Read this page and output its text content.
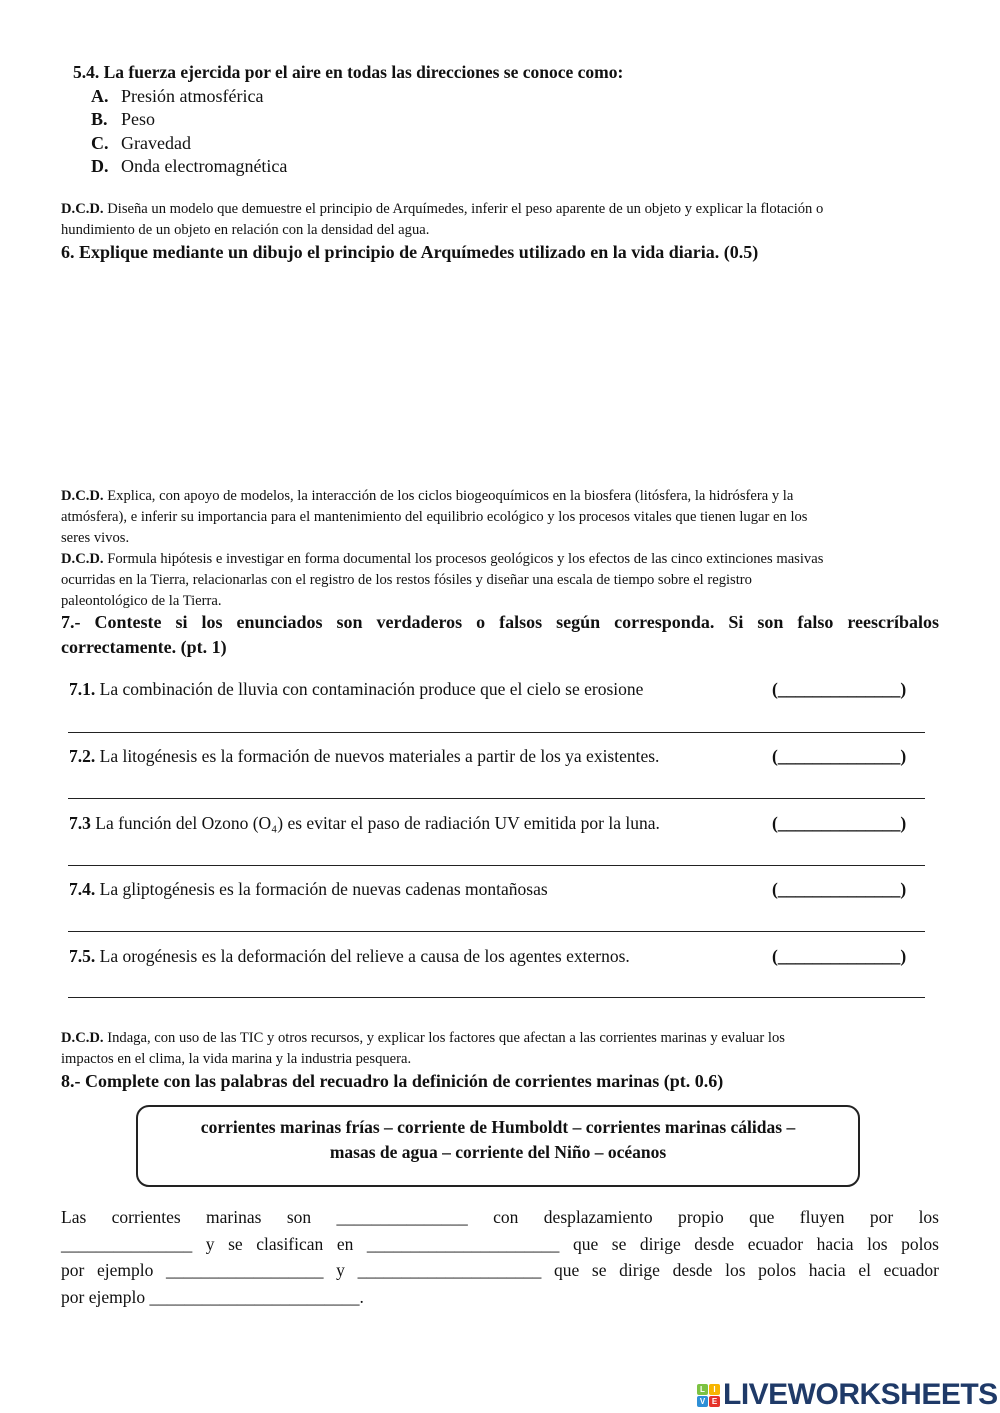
5.4. La fuerza ejercida por el aire en todas las direcciones se conoce como:
A. Presión atmosférica
B. Peso
C. Gravedad
D. Onda electromagnética
D.C.D. Diseña un modelo que demuestre el principio de Arquímedes, inferir el peso aparente de un objeto y explicar la flotación o
hundimiento de un objeto en relación con la densidad del agua.
6. Explique mediante un dibujo el principio de Arquímedes utilizado en la vida diaria. (0.5)
D.C.D. Explica, con apoyo de modelos, la interacción de los ciclos biogeoquímicos en la biosfera (litósfera, la hidrósfera y la
atmósfera), e inferir su importancia para el mantenimiento del equilibrio ecológico y los procesos vitales que tienen lugar en los
seres vivos.
D.C.D. Formula hipótesis e investigar en forma documental los procesos geológicos y los efectos de las cinco extinciones masivas
ocurridas en la Tierra, relacionarlas con el registro de los restos fósiles y diseñar una escala de tiempo sobre el registro
paleontológico de la Tierra.
7.- Conteste si los enunciados son verdaderos o falsos según corresponda. Si son falso reescríbalos
correctamente. (pt. 1)
7.1. La combinación de lluvia con contaminación produce que el cielo se erosione	(______________)
7.2. La litogénesis es la formación de nuevos materiales a partir de los ya existentes.	(______________)
7.3 La función del Ozono (O₄) es evitar el paso de radiación UV emitida por la luna.	(______________)
7.4. La gliptogénesis es la formación de nuevas cadenas montañosas	(______________)
7.5. La orogénesis es la deformación del relieve a causa de los agentes externos.	(______________)
D.C.D. Indaga, con uso de las TIC y otros recursos, y explicar los factores que afectan a las corrientes marinas y evaluar los
impactos en el clima, la vida marina y la industria pesquera.
8.- Complete con las palabras del recuadro la definición de corrientes marinas (pt. 0.6)
corrientes marinas frías – corriente de Humboldt – corrientes marinas cálidas –
masas de agua – corriente del Niño – océanos
Las corrientes marinas son _______________ con desplazamiento propio que fluyen por los
_______________ y se clasifican en ______________________ que se dirige desde ecuador hacia los polos
por ejemplo __________________ y _____________________ que se dirige desde los polos hacia el ecuador
por ejemplo ________________________.
L	I
V E LIVEWORKSHEETS
